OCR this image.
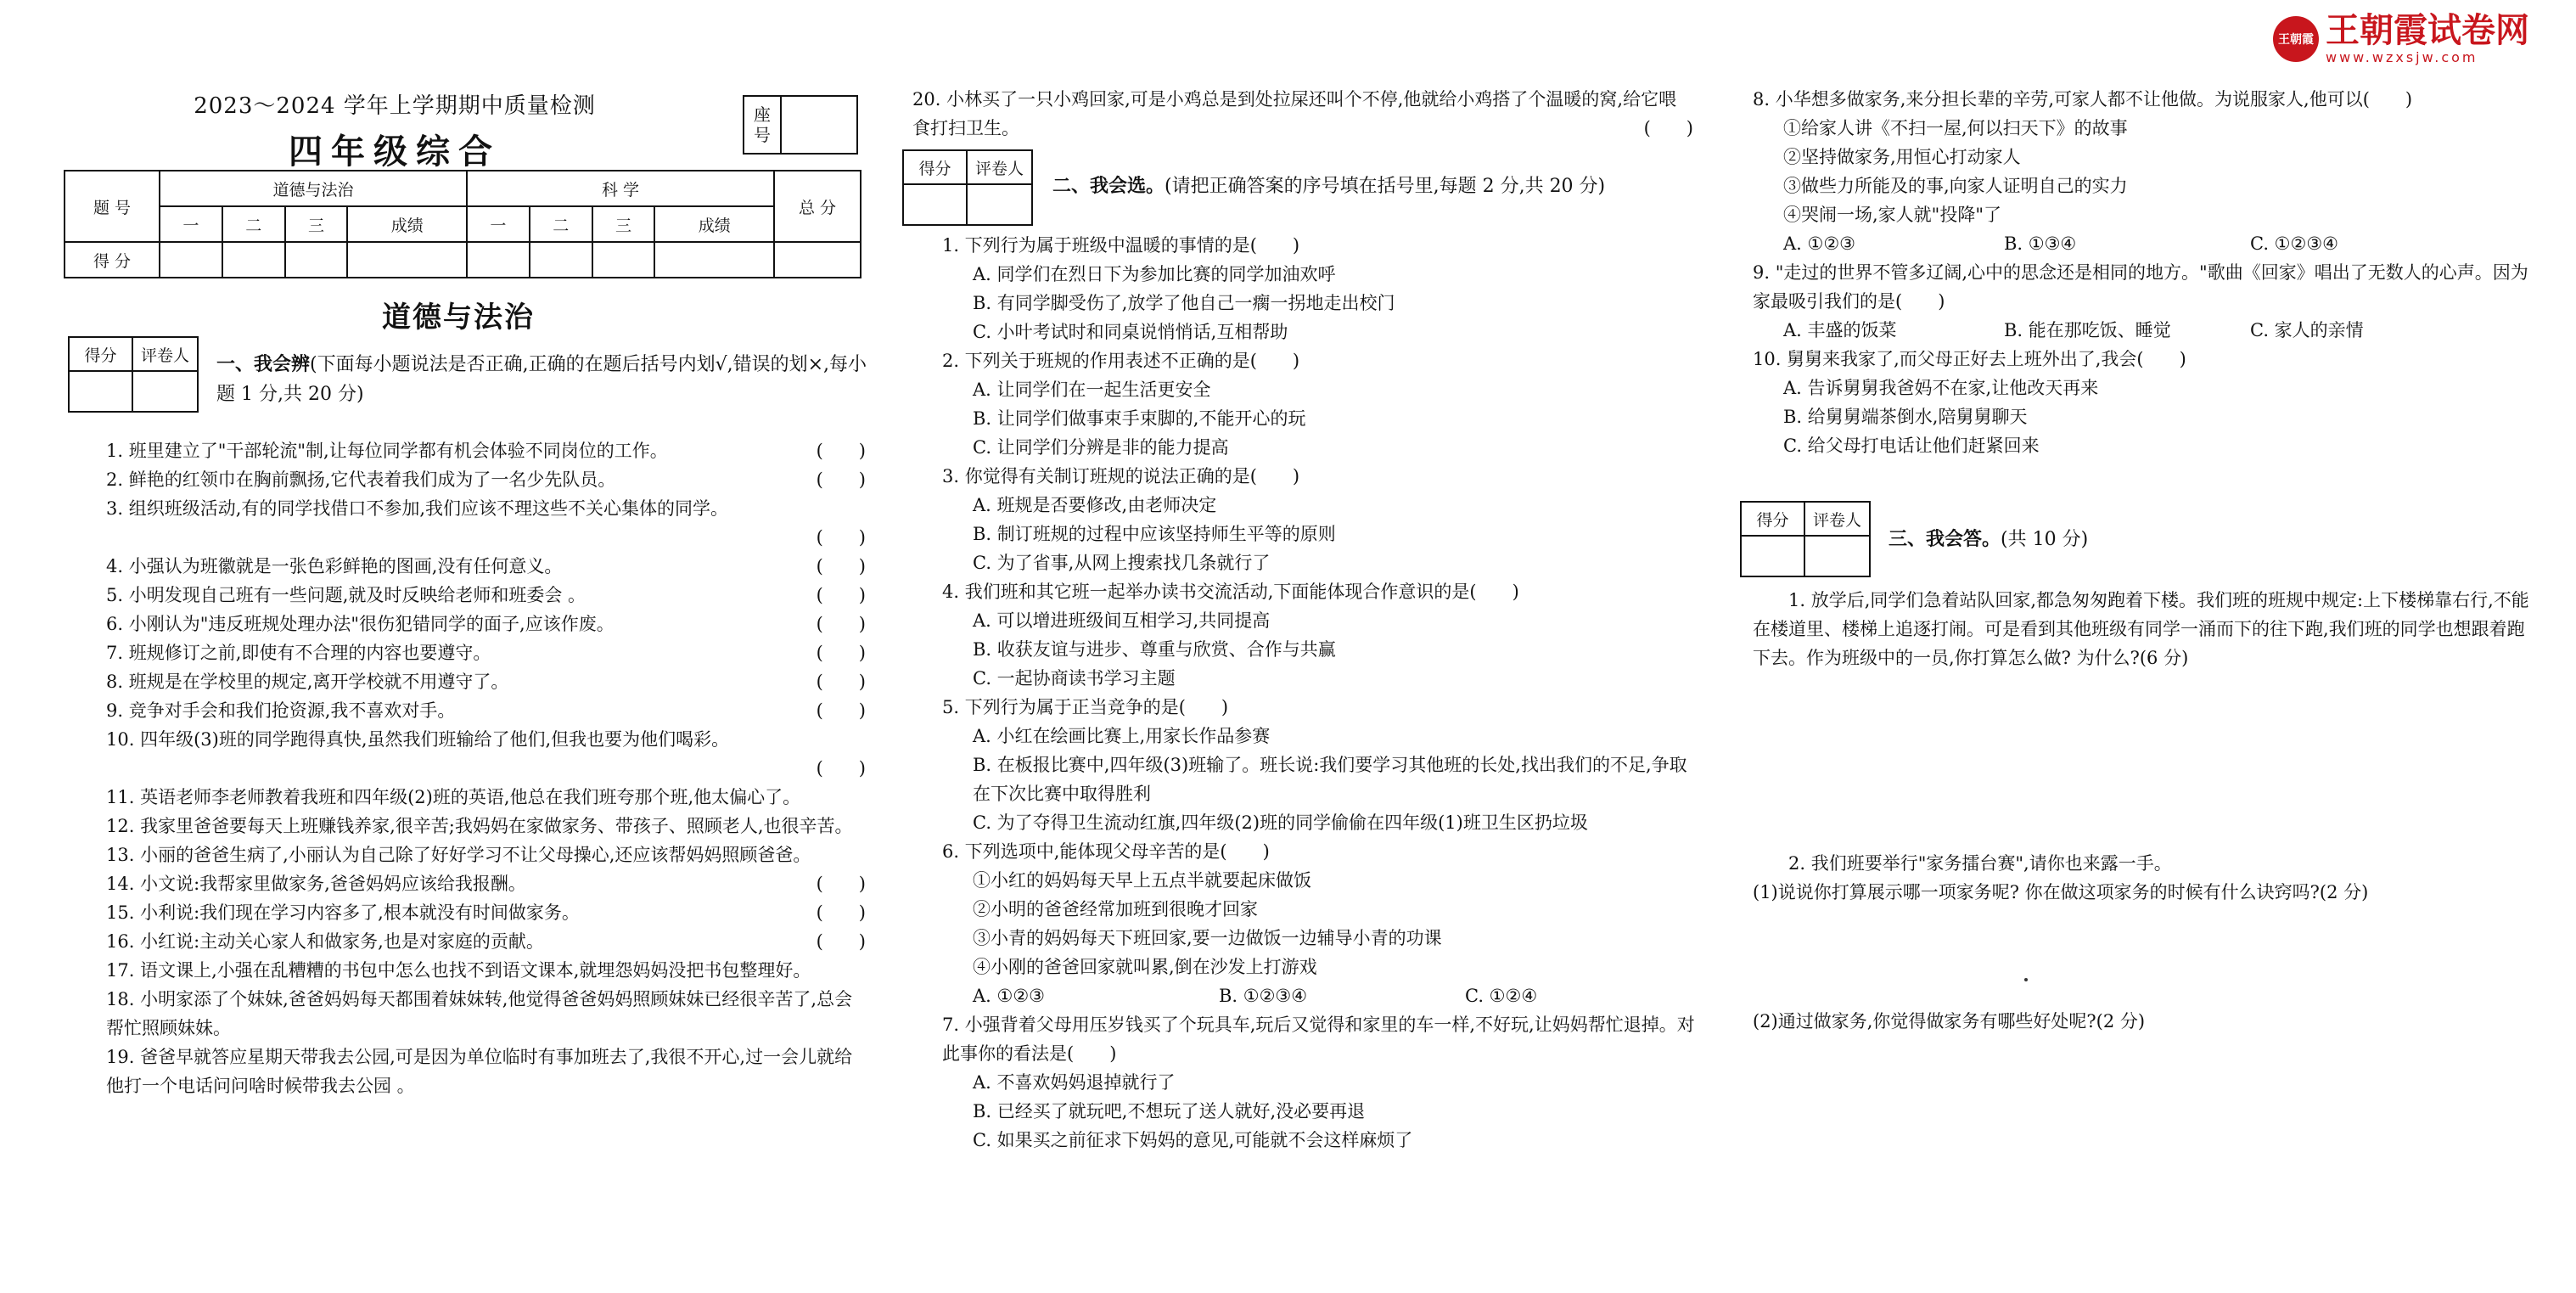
王朝霞 王朝霞试卷网
www.wzxsjw.com
2023～2024 学年上学期期中质量检测
四年级综合
座
号
题 号	道德与法治				科 学				总 分
	一	二	三	成绩	一	二	三	成绩	
得 分									
道德与法治
得分	评卷人	一、我会辨(下面每小题说法是否正确,正确的在题后括号内划√,错误的划×,每小题 1 分,共 20 分)

1. 班里建立了"干部轮流"制,让每位同学都有机会体验不同岗位的工作。	(　　)

2. 鲜艳的红领巾在胸前飘扬,它代表着我们成为了一名少先队员。	(　　)

3. 组织班级活动,有的同学找借口不参加,我们应该不理这些不关心集体的同学。

(　　)

4. 小强认为班徽就是一张色彩鲜艳的图画,没有任何意义。	(　　)

5. 小明发现自己班有一些问题,就及时反映给老师和班委会 。	(　　)

6. 小刚认为"违反班规处理办法"很伤犯错同学的面子,应该作废。	(　　)

7. 班规修订之前,即使有不合理的内容也要遵守。	(　　)

8. 班规是在学校里的规定,离开学校就不用遵守了。	(　　)

9. 竞争对手会和我们抢资源,我不喜欢对手。	(　　)

10. 四年级(3)班的同学跑得真快,虽然我们班输给了他们,但我也要为他们喝彩。

(　　)

11. 英语老师李老师教着我班和四年级(2)班的英语,他总在我们班夸那个班,他太偏心了。

12. 我家里爸爸要每天上班赚钱养家,很辛苦;我妈妈在家做家务、带孩子、照顾老人,也很辛苦。

13. 小丽的爸爸生病了,小丽认为自己除了好好学习不让父母操心,还应该帮妈妈照顾爸爸。

14. 小文说:我帮家里做家务,爸爸妈妈应该给我报酬。	(　　)

15. 小利说:我们现在学习内容多了,根本就没有时间做家务。	(　　)

16. 小红说:主动关心家人和做家务,也是对家庭的贡献。	(　　)

17. 语文课上,小强在乱糟糟的书包中怎么也找不到语文课本,就埋怨妈妈没把书包整理好。

18. 小明家添了个妹妹,爸爸妈妈每天都围着妹妹转,他觉得爸爸妈妈照顾妹妹已经很辛苦了,总会帮忙照顾妹妹。

19. 爸爸早就答应星期天带我去公园,可是因为单位临时有事加班去了,我很不开心,过一会儿就给他打一个电话问问啥时候带我去公园 。

20. 小林买了一只小鸡回家,可是小鸡总是到处拉屎还叫个不停,他就给小鸡搭了个温暖的窝,给它喂食打扫卫生。	(　　)

得分	评卷人
二、我会选。(请把正确答案的序号填在括号里,每题 2 分,共 20 分)

1. 下列行为属于班级中温暖的事情的是(　　)

A. 同学们在烈日下为参加比赛的同学加油欢呼

B. 有同学脚受伤了,放学了他自己一瘸一拐地走出校门

C. 小叶考试时和同桌说悄悄话,互相帮助

2. 下列关于班规的作用表述不正确的是(　　)

A. 让同学们在一起生活更安全

B. 让同学们做事束手束脚的,不能开心的玩

C. 让同学们分辨是非的能力提高

3. 你觉得有关制订班规的说法正确的是(　　)

A. 班规是否要修改,由老师决定

B. 制订班规的过程中应该坚持师生平等的原则

C. 为了省事,从网上搜索找几条就行了

4. 我们班和其它班一起举办读书交流活动,下面能体现合作意识的是(　　)

A. 可以增进班级间互相学习,共同提高

B. 收获友谊与进步、尊重与欣赏、合作与共赢

C. 一起协商读书学习主题

5. 下列行为属于正当竞争的是(　　)

A. 小红在绘画比赛上,用家长作品参赛

B. 在板报比赛中,四年级(3)班输了。班长说:我们要学习其他班的长处,找出我们的不足,争取在下次比赛中取得胜利

C. 为了夺得卫生流动红旗,四年级(2)班的同学偷偷在四年级(1)班卫生区扔垃圾

6. 下列选项中,能体现父母辛苦的是(　　)

①小红的妈妈每天早上五点半就要起床做饭

②小明的爸爸经常加班到很晚才回家

③小青的妈妈每天下班回家,要一边做饭一边辅导小青的功课

④小刚的爸爸回家就叫累,倒在沙发上打游戏

A. ①②③	B. ①②③④	C. ①②④

7. 小强背着父母用压岁钱买了个玩具车,玩后又觉得和家里的车一样,不好玩,让妈妈帮忙退掉。对此事你的看法是(　　)

A. 不喜欢妈妈退掉就行了

B. 已经买了就玩吧,不想玩了送人就好,没必要再退

C. 如果买之前征求下妈妈的意见,可能就不会这样麻烦了

8. 小华想多做家务,来分担长辈的辛劳,可家人都不让他做。为说服家人,他可以(　　)

①给家人讲《不扫一屋,何以扫天下》的故事

②坚持做家务,用恒心打动家人

③做些力所能及的事,向家人证明自己的实力

④哭闹一场,家人就"投降"了

A. ①②③	B. ①③④	C. ①②③④

9. "走过的世界不管多辽阔,心中的思念还是相同的地方。"歌曲《回家》唱出了无数人的心声。因为家最吸引我们的是(　　)

A. 丰盛的饭菜	B. 能在那吃饭、睡觉	C. 家人的亲情

10. 舅舅来我家了,而父母正好去上班外出了,我会(　　)

A. 告诉舅舅我爸妈不在家,让他改天再来

B. 给舅舅端茶倒水,陪舅舅聊天

C. 给父母打电话让他们赶紧回来

得分	评卷人
三、我会答。(共 10 分)

1. 放学后,同学们急着站队回家,都急匆匆跑着下楼。我们班的班规中规定:上下楼梯靠右行,不能在楼道里、楼梯上追逐打闹。可是看到其他班级有同学一涌而下的往下跑,我们班的同学也想跟着跑下去。作为班级中的一员,你打算怎么做? 为什么?(6 分)

2. 我们班要举行"家务擂台赛",请你也来露一手。

(1)说说你打算展示哪一项家务呢? 你在做这项家务的时候有什么诀窍吗?(2 分)

(2)通过做家务,你觉得做家务有哪些好处呢?(2 分)
